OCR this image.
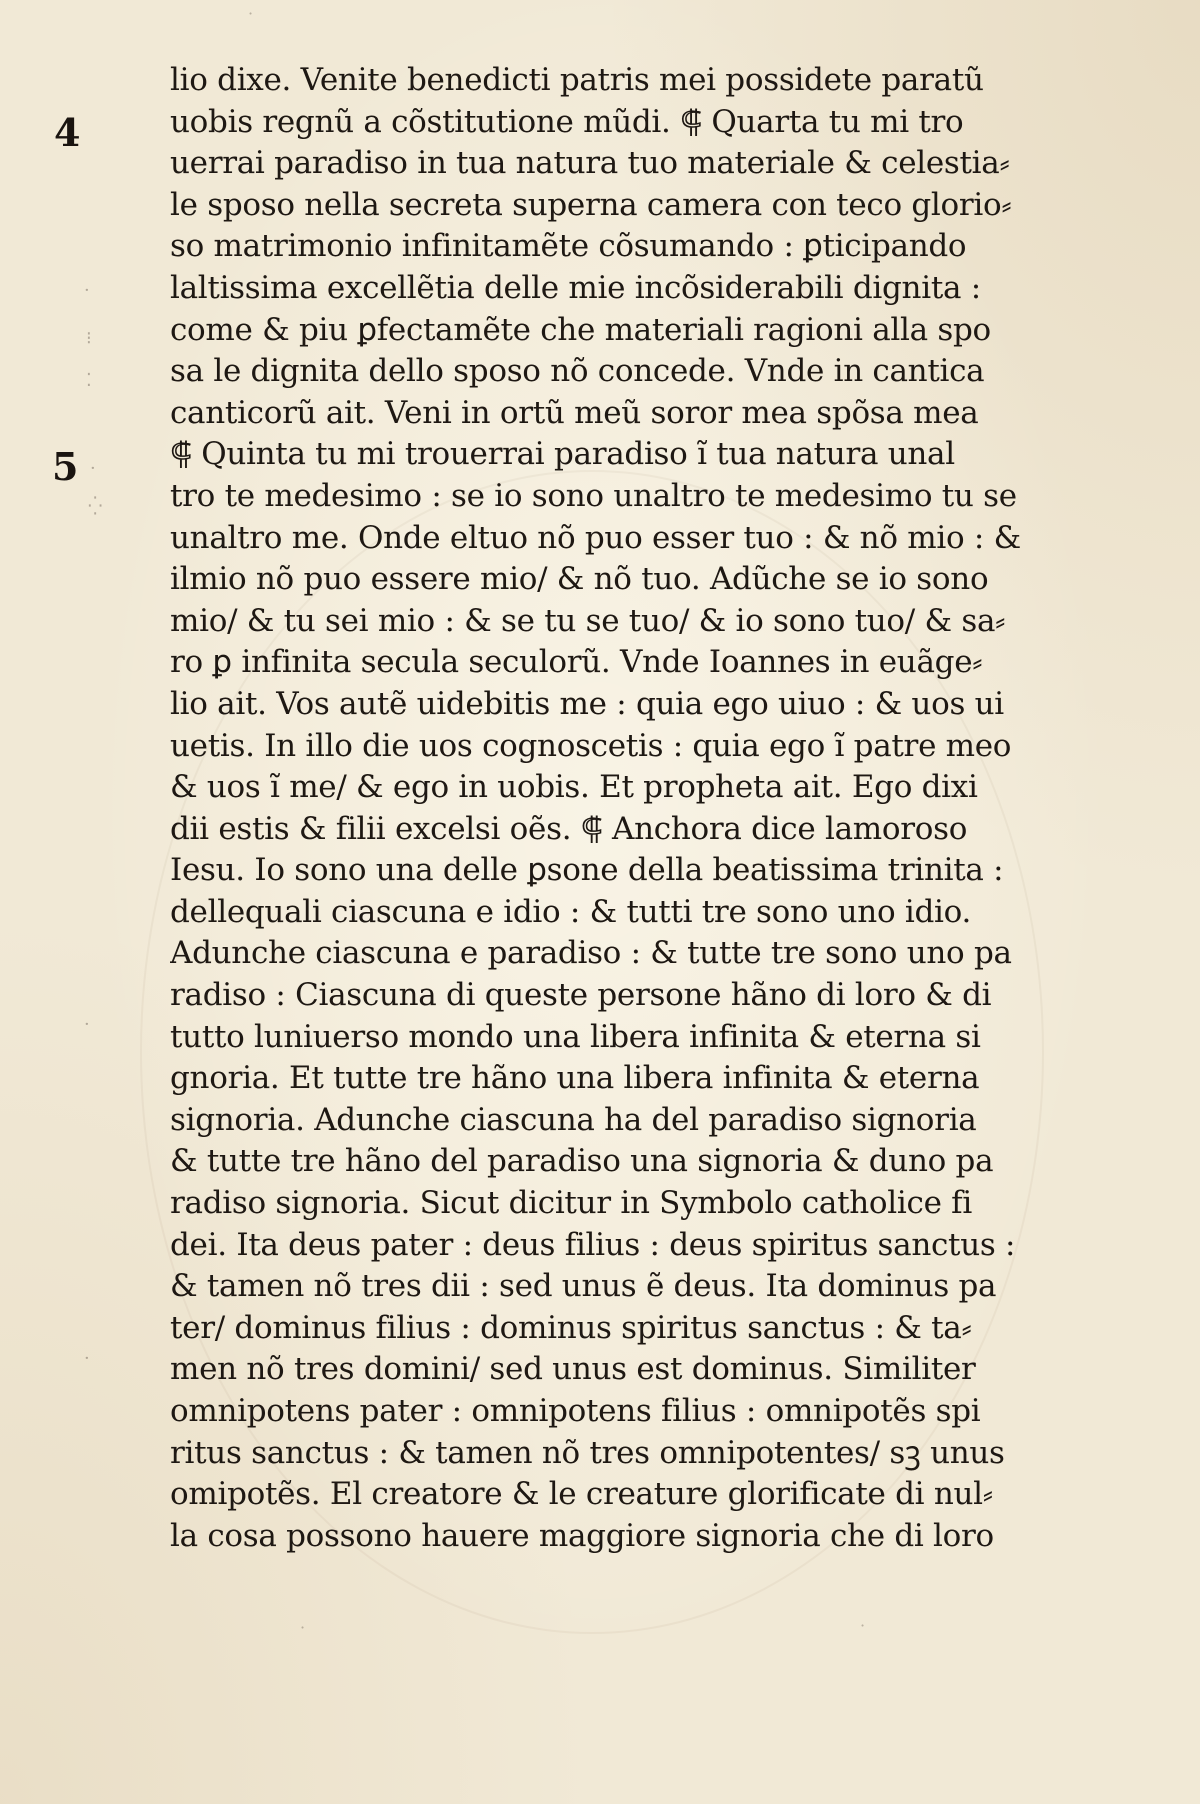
4
5
·
⁝
⁚
·
⁛
·
·
·
·	·
lio dixe. Venite benedicti patris mei possidete paratũ
uobis regnũ a cõstitutione mũdi. ⸿ Quarta tu mi tro
uerrai paradiso in tua natura tuo materiale & celestia⸗
le sposo nella secreta superna camera con teco glorio⸗
so matrimonio infinitamẽte cõsumando : ꝑticipando
laltissima excellẽtia delle mie incõsiderabili dignita :
come & piu ꝑfectamẽte che materiali ragioni alla spo
sa le dignita dello sposo nõ concede. Vnde in cantica
canticorũ ait. Veni in ortũ meũ soror mea spõsa mea
⸿ Quinta tu mi trouerrai paradiso ĩ tua natura unal
tro te medesimo : se io sono unaltro te medesimo tu se
unaltro me. Onde eltuo nõ puo esser tuo : & nõ mio : &
ilmio nõ puo essere mio/ & nõ tuo. Adũche se io sono
mio/ & tu sei mio : & se tu se tuo/ & io sono tuo/ & sa⸗
ro ꝑ infinita secula seculorũ. Vnde Ioannes in euãge⸗
lio ait. Vos autẽ uidebitis me : quia ego uiuo : & uos ui
uetis. In illo die uos cognoscetis : quia ego ĩ patre meo
& uos ĩ me/ & ego in uobis. Et propheta ait. Ego dixi
dii estis & filii excelsi oẽs. ⸿ Anchora dice lamoroso
Iesu. Io sono una delle ꝑsone della beatissima trinita :
dellequali ciascuna e idio : & tutti tre sono uno idio.
Adunche ciascuna e paradiso : & tutte tre sono uno pa
radiso : Ciascuna di queste persone hãno di loro & di
tutto luniuerso mondo una libera infinita & eterna si
gnoria. Et tutte tre hãno una libera infinita & eterna
signoria. Adunche ciascuna ha del paradiso signoria
& tutte tre hãno del paradiso una signoria & duno pa
radiso signoria. Sicut dicitur in Symbolo catholice fi
dei. Ita deus pater : deus filius : deus spiritus sanctus :
& tamen nõ tres dii : sed unus ẽ deus. Ita dominus pa
ter/ dominus filius : dominus spiritus sanctus : & ta⸗
men nõ tres domini/ sed unus est dominus. Similiter
omnipotens pater : omnipotens filius : omnipotẽs spi
ritus sanctus : & tamen nõ tres omnipotentes/ sꝫ unus
omipotẽs. El creatore & le creature glorificate di nul⸗
la cosa possono hauere maggiore signoria che di loro
